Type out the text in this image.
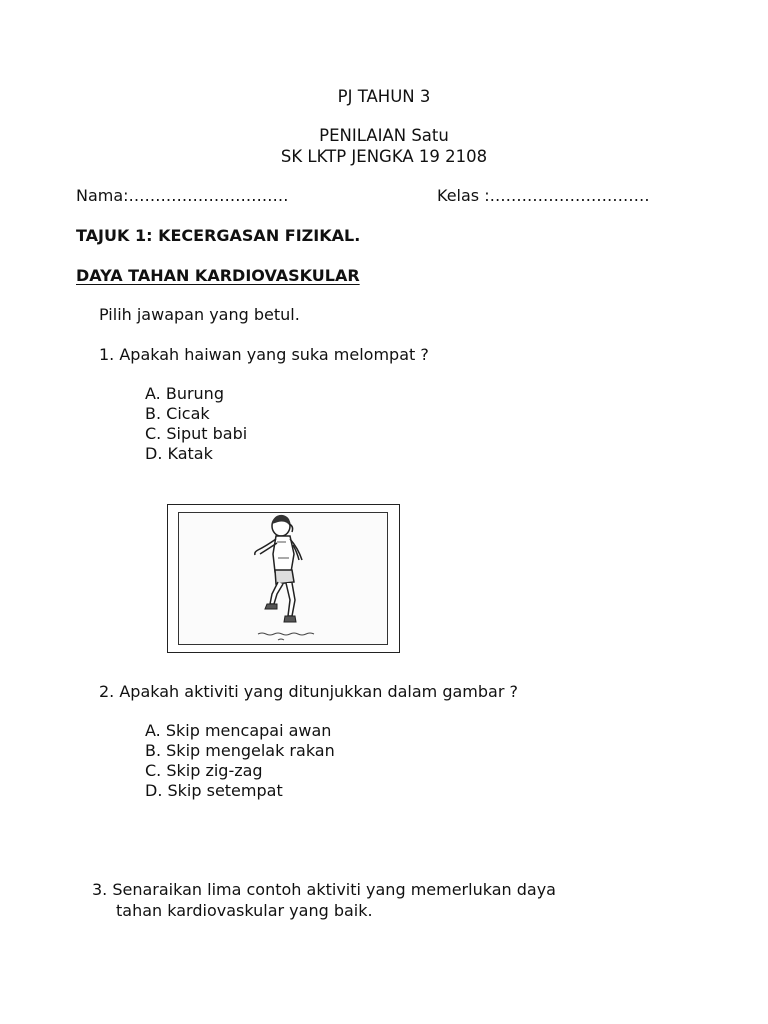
PJ TAHUN 3
PENILAIAN Satu
SK LKTP JENGKA 19 2108
Nama:…………………………	Kelas :…………………………
TAJUK 1: KECERGASAN FIZIKAL.
DAYA TAHAN KARDIOVASKULAR
Pilih jawapan yang betul.
1. Apakah haiwan yang suka melompat ?
A. Burung
B. Cicak
C. Siput babi
D. Katak
2. Apakah aktiviti yang ditunjukkan dalam gambar ?
A. Skip mencapai awan
B. Skip mengelak rakan
C. Skip zig-zag
D. Skip setempat
3. Senaraikan lima contoh aktiviti yang memerlukan daya
tahan kardiovaskular yang baik.
